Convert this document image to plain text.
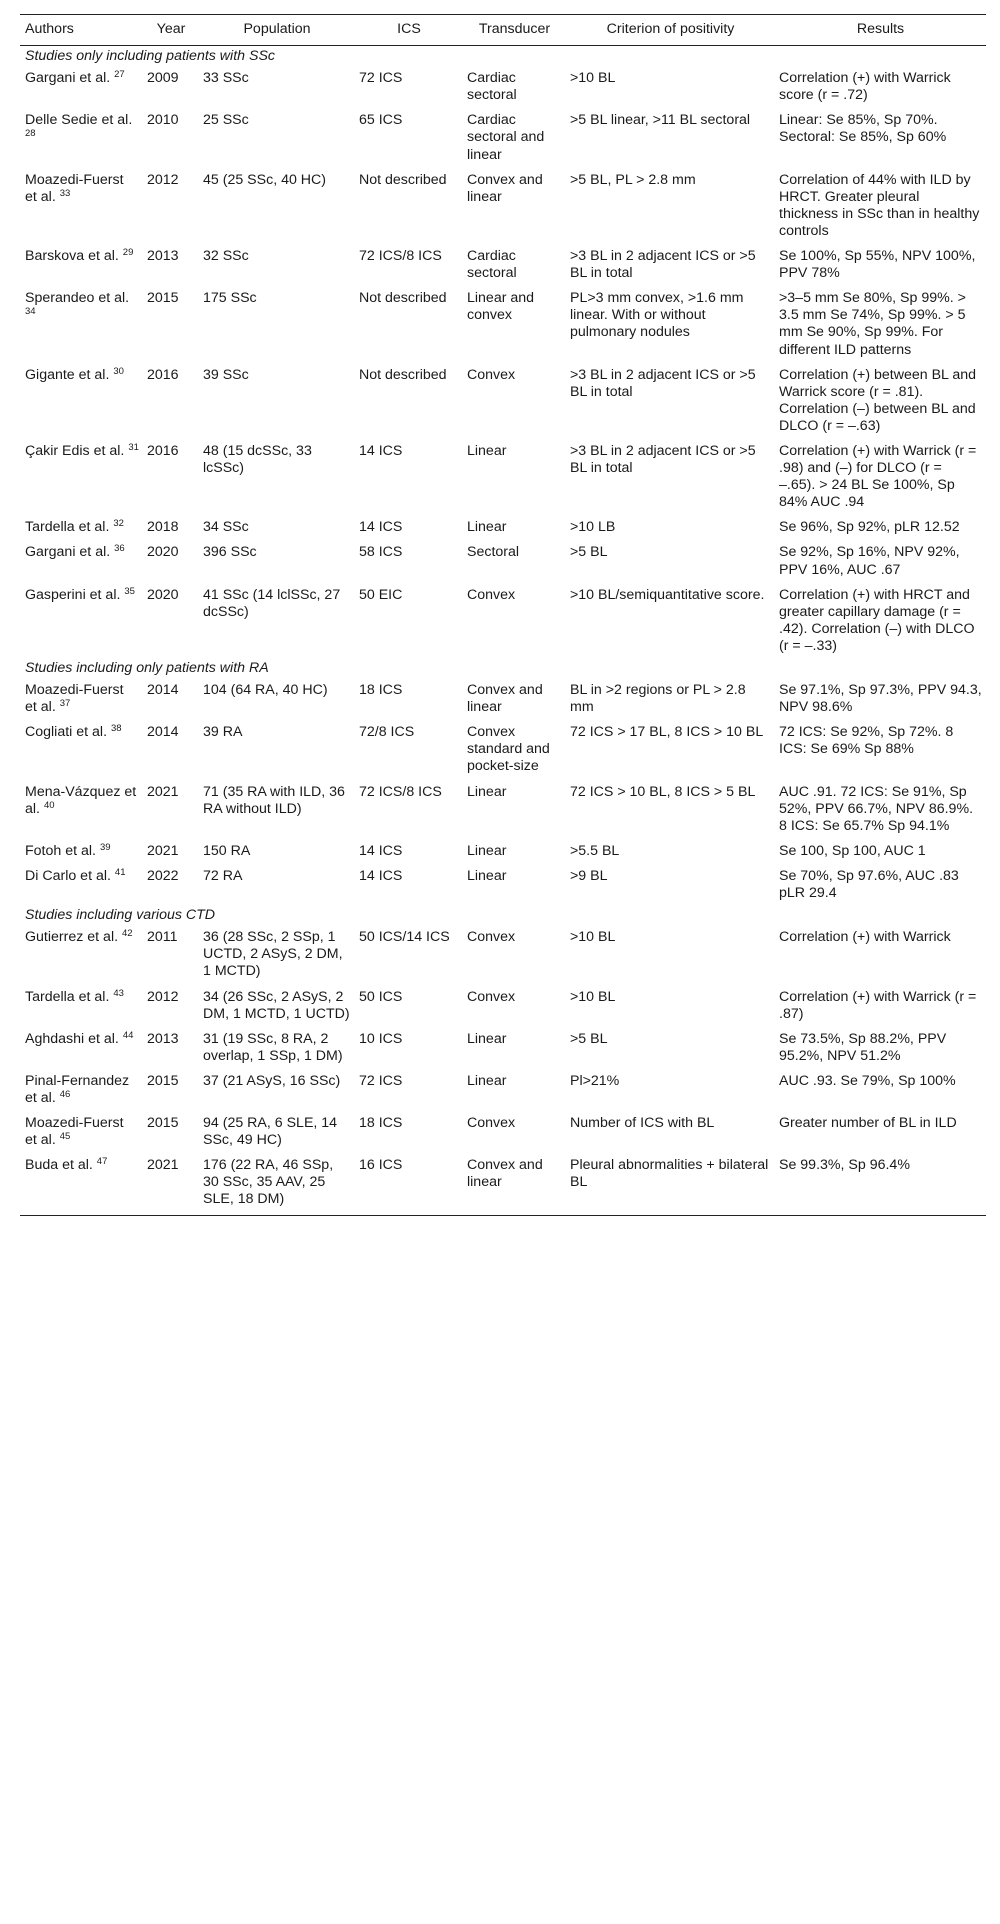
Authors	Year	Population	ICS	Transducer	Criterion of positivity	Results
Studies only including patients with SSc						
Gargani et al. $^{27}$	2009	33 SSc	72 ICS	Cardiac sectoral	>10 BL	Correlation (+) with Warrick score (r = .72)
Delle Sedie et al. $^{28}$	2010	25 SSc	65 ICS	Cardiac sectoral and linear	>5 BL linear, >11 BL sectoral	Linear: Se 85%, Sp 70%. Sectoral: Se 85%, Sp 60%
Moazedi-Fuerst et al. $^{33}$	2012	45 (25 SSc, 40 HC)	Not described	Convex and linear	>5 BL, PL > 2.8 mm	Correlation of 44% with ILD by HRCT. Greater pleural thickness in SSc than in healthy controls
Barskova et al. $^{29}$	2013	32 SSc	72 ICS/8 ICS	Cardiac sectoral	>3 BL in 2 adjacent ICS or >5 BL in total	Se 100%, Sp 55%, NPV 100%, PPV 78%
Sperandeo et al. $^{34}$	2015	175 SSc	Not described	Linear and convex	PL>3 mm convex, >1.6 mm linear. With or without pulmonary nodules	>3–5 mm Se 80%, Sp 99%. > 3.5 mm Se 74%, Sp 99%. > 5 mm Se 90%, Sp 99%. For different ILD patterns
Gigante et al. $^{30}$	2016	39 SSc	Not described	Convex	>3 BL in 2 adjacent ICS or >5 BL in total	Correlation (+) between BL and Warrick score (r = .81). Correlation (–) between BL and DLCO (r = –.63)
Çakir Edis et al. $^{31}$	2016	48 (15 dcSSc, 33 lcSSc)	14 ICS	Linear	>3 BL in 2 adjacent ICS or >5 BL in total	Correlation (+) with Warrick (r = .98) and (–) for DLCO (r = –.65). > 24 BL Se 100%, Sp 84% AUC .94
Tardella et al. $^{32}$	2018	34 SSc	14 ICS	Linear	>10 LB	Se 96%, Sp 92%, pLR 12.52
Gargani et al. $^{36}$	2020	396 SSc	58 ICS	Sectoral	>5 BL	Se 92%, Sp 16%, NPV 92%, PPV 16%, AUC .67
Gasperini et al. $^{35}$	2020	41 SSc (14 lclSSc, 27 dcSSc)	50 EIC	Convex	>10 BL/semiquantitative score.	Correlation (+) with HRCT and greater capillary damage (r = .42). Correlation (–) with DLCO (r = –.33)
Studies including only patients with RA						
Moazedi-Fuerst et al. $^{37}$	2014	104 (64 RA, 40 HC)	18 ICS	Convex and linear	BL in >2 regions or PL > 2.8 mm	Se 97.1%, Sp 97.3%, PPV 94.3, NPV 98.6%
Cogliati et al. $^{38}$	2014	39 RA	72/8 ICS	Convex standard and pocket-size	72 ICS > 17 BL, 8 ICS > 10 BL	72 ICS: Se 92%, Sp 72%. 8 ICS: Se 69% Sp 88%
Mena-Vázquez et al. $^{40}$	2021	71 (35 RA with ILD, 36 RA without ILD)	72 ICS/8 ICS	Linear	72 ICS > 10 BL, 8 ICS > 5 BL	AUC .91. 72 ICS: Se 91%, Sp 52%, PPV 66.7%, NPV 86.9%. 8 ICS: Se 65.7% Sp 94.1%
Fotoh et al. $^{39}$	2021	150 RA	14 ICS	Linear	>5.5 BL	Se 100, Sp 100, AUC 1
Di Carlo et al. $^{41}$	2022	72 RA	14 ICS	Linear	>9 BL	Se 70%, Sp 97.6%, AUC .83 pLR 29.4
Studies including various CTD						
Gutierrez et al. $^{42}$	2011	36 (28 SSc, 2 SSp, 1 UCTD, 2 ASyS, 2 DM, 1 MCTD)	50 ICS/14 ICS	Convex	>10 BL	Correlation (+) with Warrick
Tardella et al. $^{43}$	2012	34 (26 SSc, 2 ASyS, 2 DM, 1 MCTD, 1 UCTD)	50 ICS	Convex	>10 BL	Correlation (+) with Warrick (r = .87)
Aghdashi et al. $^{44}$	2013	31 (19 SSc, 8 RA, 2 overlap, 1 SSp, 1 DM)	10 ICS	Linear	>5 BL	Se 73.5%, Sp 88.2%, PPV 95.2%, NPV 51.2%
Pinal-Fernandez et al. $^{46}$	2015	37 (21 ASyS, 16 SSc)	72 ICS	Linear	Pl>21%	AUC .93. Se 79%, Sp 100%
Moazedi-Fuerst et al. $^{45}$	2015	94 (25 RA, 6 SLE, 14 SSc, 49 HC)	18 ICS	Convex	Number of ICS with BL	Greater number of BL in ILD
Buda et al. $^{47}$	2021	176 (22 RA, 46 SSp, 30 SSc, 35 AAV, 25 SLE, 18 DM)	16 ICS	Convex and linear	Pleural abnormalities + bilateral BL	Se 99.3%, Sp 96.4%
